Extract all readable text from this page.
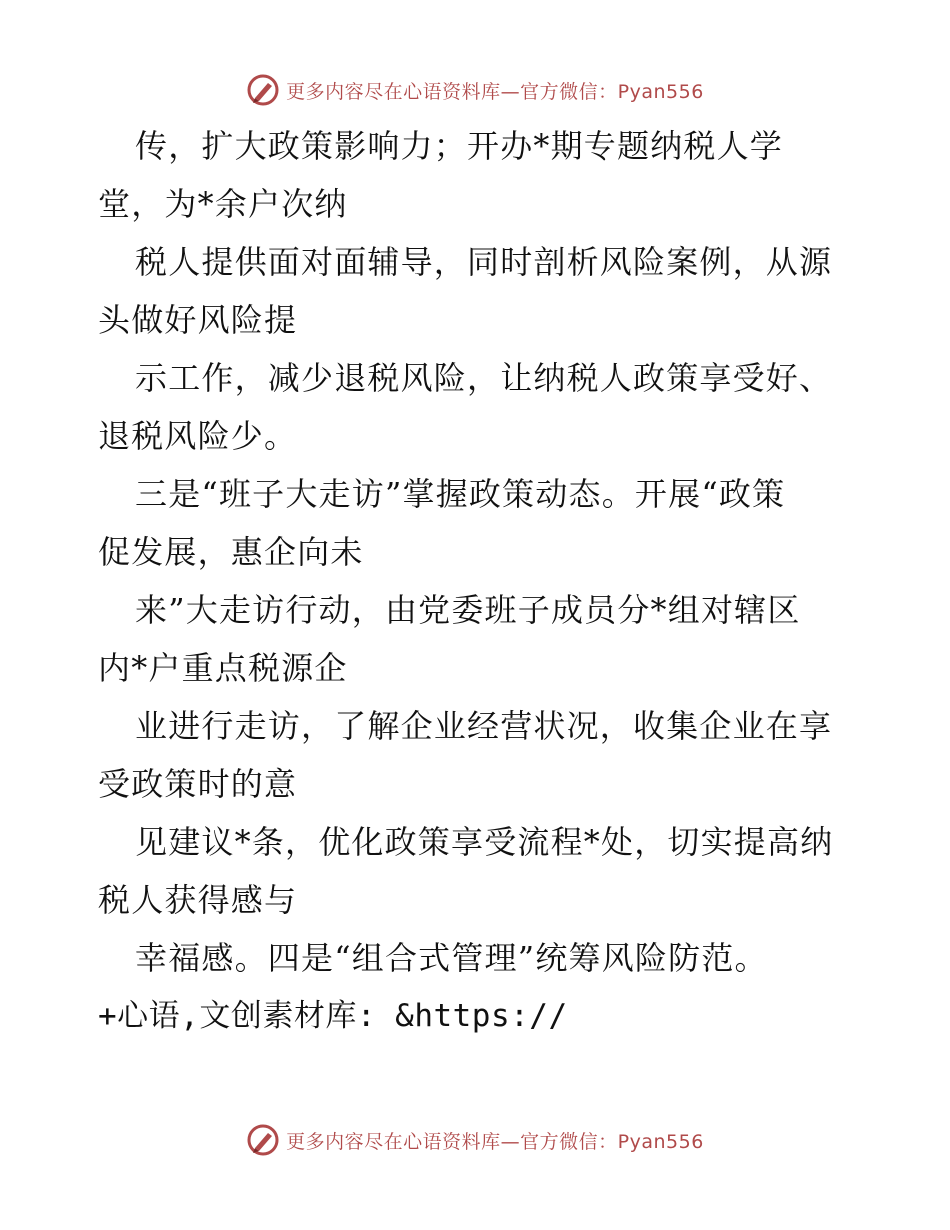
更多内容尽在心语资料库—官方微信：Pyan556
传，扩大政策影响力；开办*期专题纳税人学
堂，为*余户次纳
税人提供面对面辅导，同时剖析风险案例，从源
头做好风险提
示工作，减少退税风险，让纳税人政策享受好、
退税风险少。
三是“班子大走访”掌握政策动态。开展“政策
促发展，惠企向未
来”大走访行动，由党委班子成员分*组对辖区
内*户重点税源企
业进行走访，了解企业经营状况，收集企业在享
受政策时的意
见建议*条，优化政策享受流程*处，切实提高纳
税人获得感与
幸福感。四是“组合式管理”统筹风险防范。
+心语,文创素材库: &https://
更多内容尽在心语资料库—官方微信：Pyan556
